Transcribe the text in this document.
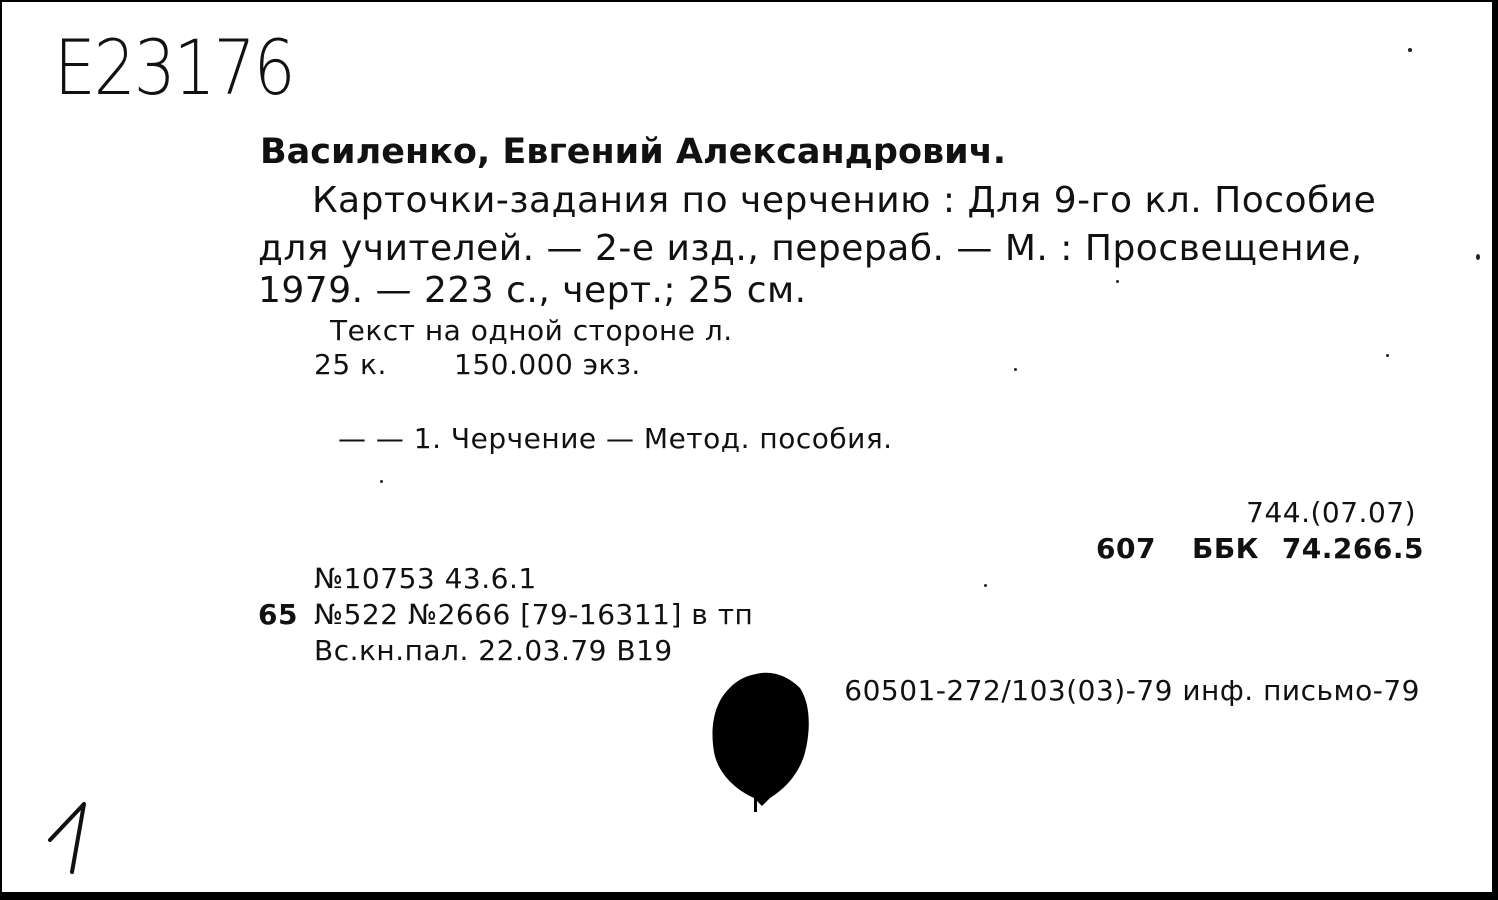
E23176
Василенко, Евгений Александрович.
Карточки-задания по черчению : Для 9-го кл. Пособие
для учителей. — 2-е изд., перераб. — М. : Просвещение,
1979. — 223 с., черт.; 25 см.
Текст на одной стороне л.
25 к. 150.000 экз.
— — 1. Черчение — Метод. пособия.
744.(07.07)
607 ББК 74.266.5
№10753 43.6.1
65 №522 №2666 [79-16311] в тп
Вс.кн.пал. 22.03.79 В19
60501-272/103(03)-79 инф. письмо-79
